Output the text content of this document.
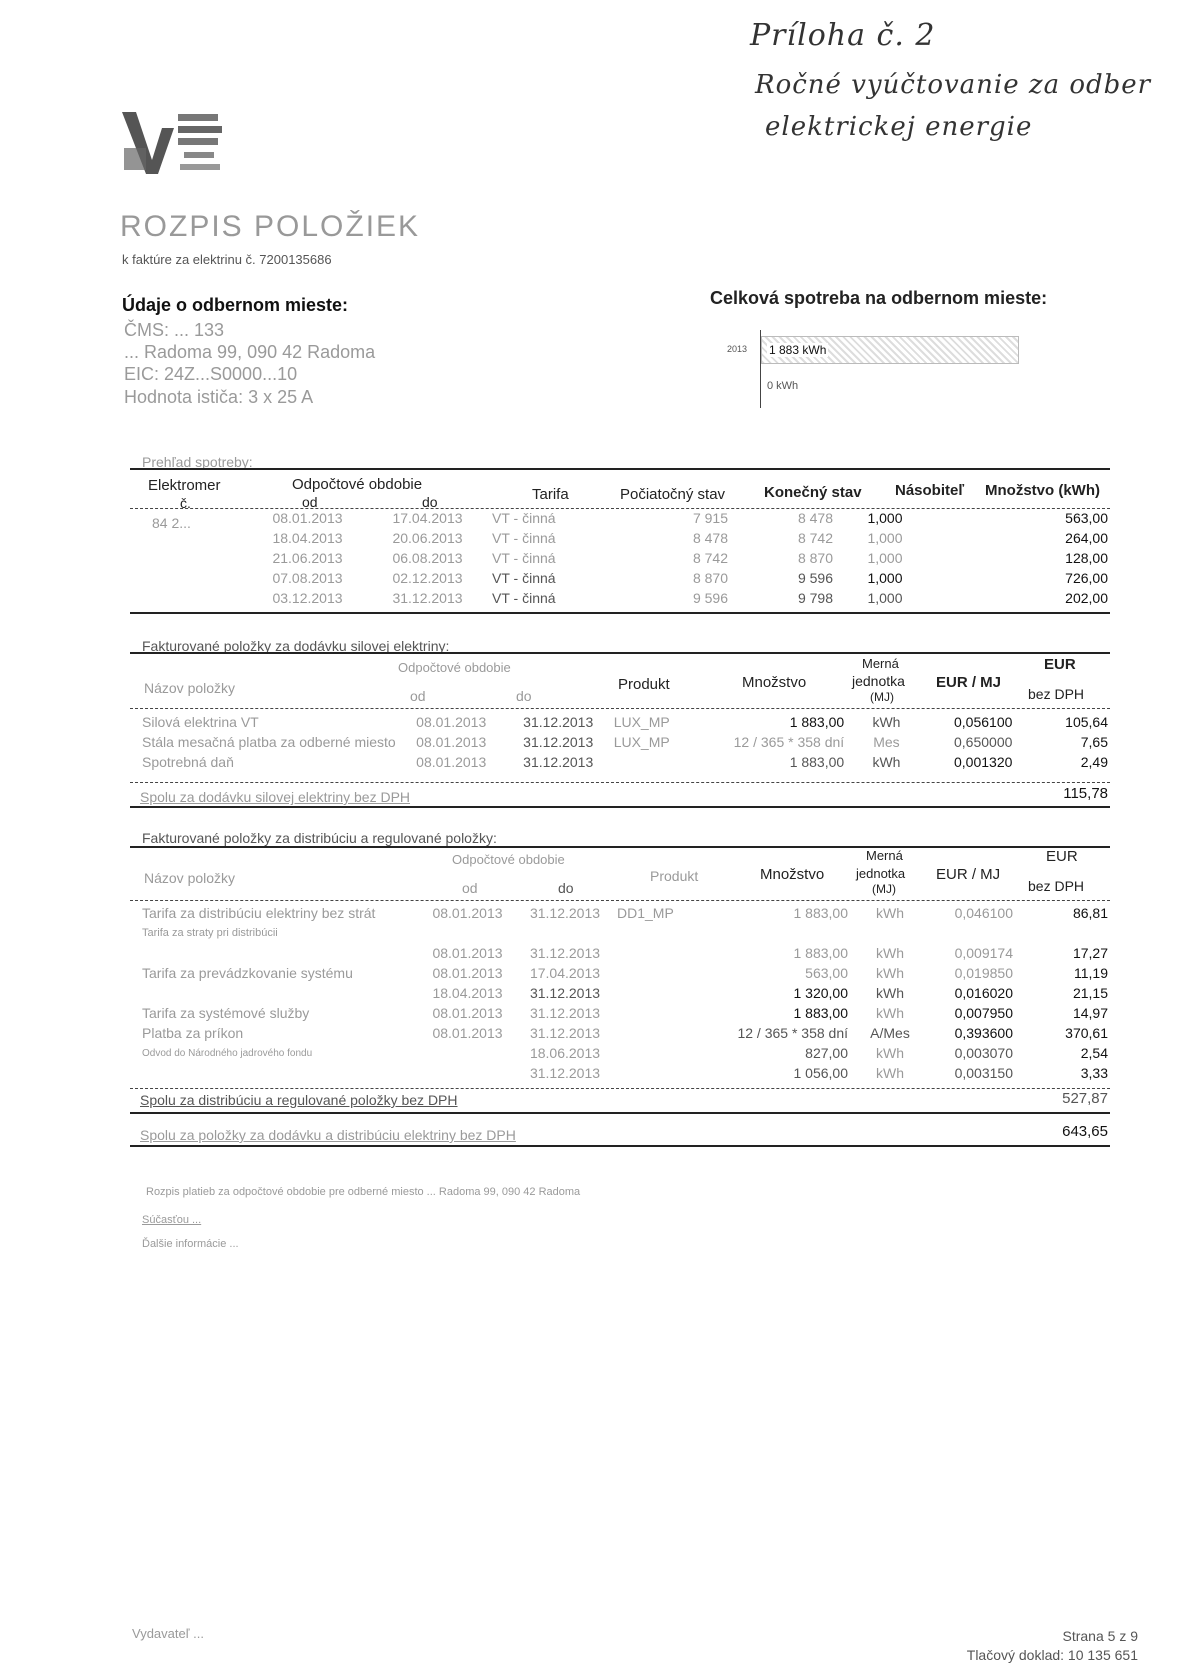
Príloha č. 2
Ročné vyúčtovanie za odber
elektrickej energie
ROZPIS POLOŽIEK
k faktúre za elektrinu č. 7200135686
Údaje o odbernom mieste:
ČMS: ... 133
... Radoma 99, 090 42 Radoma
EIC: 24Z...S0000...10
Hodnota ističa: 3 x 25 A
Celková spotreba na odbernom mieste:
2013 1 883 kWh
0 kWh
Prehľad spotreby:
Elektromer
č.
Odpočtové obdobie
od	do	Tarifa	Počiatočný stav	Konečný stav Násobiteľ Množstvo (kWh)
84 2...	08.01.2013	17.04.2013	VT - činná	7 915	8 478	1,000	563,00
18.04.2013	20.06.2013	VT - činná	8 478	8 742	1,000	264,00
21.06.2013	06.08.2013	VT - činná	8 742	8 870	1,000	128,00
07.08.2013	02.12.2013	VT - činná	8 870	9 596	1,000	726,00
03.12.2013	31.12.2013	VT - činná	9 596	9 798	1,000	202,00
Fakturované položky za dodávku silovej elektriny:
Názov položky
Odpočtové obdobie
od	do
Produkt	Množstvo
Merná
jednotka
(MJ)
EUR / MJ
EUR
bez DPH
Silová elektrina VT	08.01.2013	31.12.2013	LUX_MP	1 883,00	kWh	0,056100	105,64
Stála mesačná platba za odberné miesto	08.01.2013	31.12.2013	LUX_MP	12 / 365 * 358 dní	Mes	0,650000	7,65
Spotrebná daň	08.01.2013	31.12.2013		1 883,00	kWh	0,001320	2,49
Spolu za dodávku silovej elektriny bez DPH	115,78
Fakturované položky za distribúciu a regulované položky:
Názov položky
Odpočtové obdobie
od	do
Produkt	Množstvo
Merná
jednotka
(MJ)
EUR / MJ
EUR
bez DPH
Tarifa za distribúciu elektriny bez strát	08.01.2013	31.12.2013	DD1_MP	1 883,00	kWh	0,046100	86,81
Tarifa za straty pri distribúcii							
	08.01.2013	31.12.2013		1 883,00	kWh	0,009174	17,27
Tarifa za prevádzkovanie systému	08.01.2013	17.04.2013		563,00	kWh	0,019850	11,19
	18.04.2013	31.12.2013		1 320,00	kWh	0,016020	21,15
Tarifa za systémové služby	08.01.2013	31.12.2013		1 883,00	kWh	0,007950	14,97
Platba za príkon	08.01.2013	31.12.2013		12 / 365 * 358 dní	A/Mes	0,393600	370,61
Odvod do Národného jadrového fondu		18.06.2013		827,00	kWh	0,003070	2,54
		31.12.2013		1 056,00	kWh	0,003150	3,33
Spolu za distribúciu a regulované položky bez DPH	527,87
Spolu za položky za dodávku a distribúciu elektriny bez DPH	643,65
Rozpis platieb za odpočtové obdobie pre odberné miesto ... Radoma 99, 090 42 Radoma
Súčasťou ...
Ďalšie informácie ...
Vydavateľ ...	Strana 5 z 9
Tlačový doklad: 10 135 651
